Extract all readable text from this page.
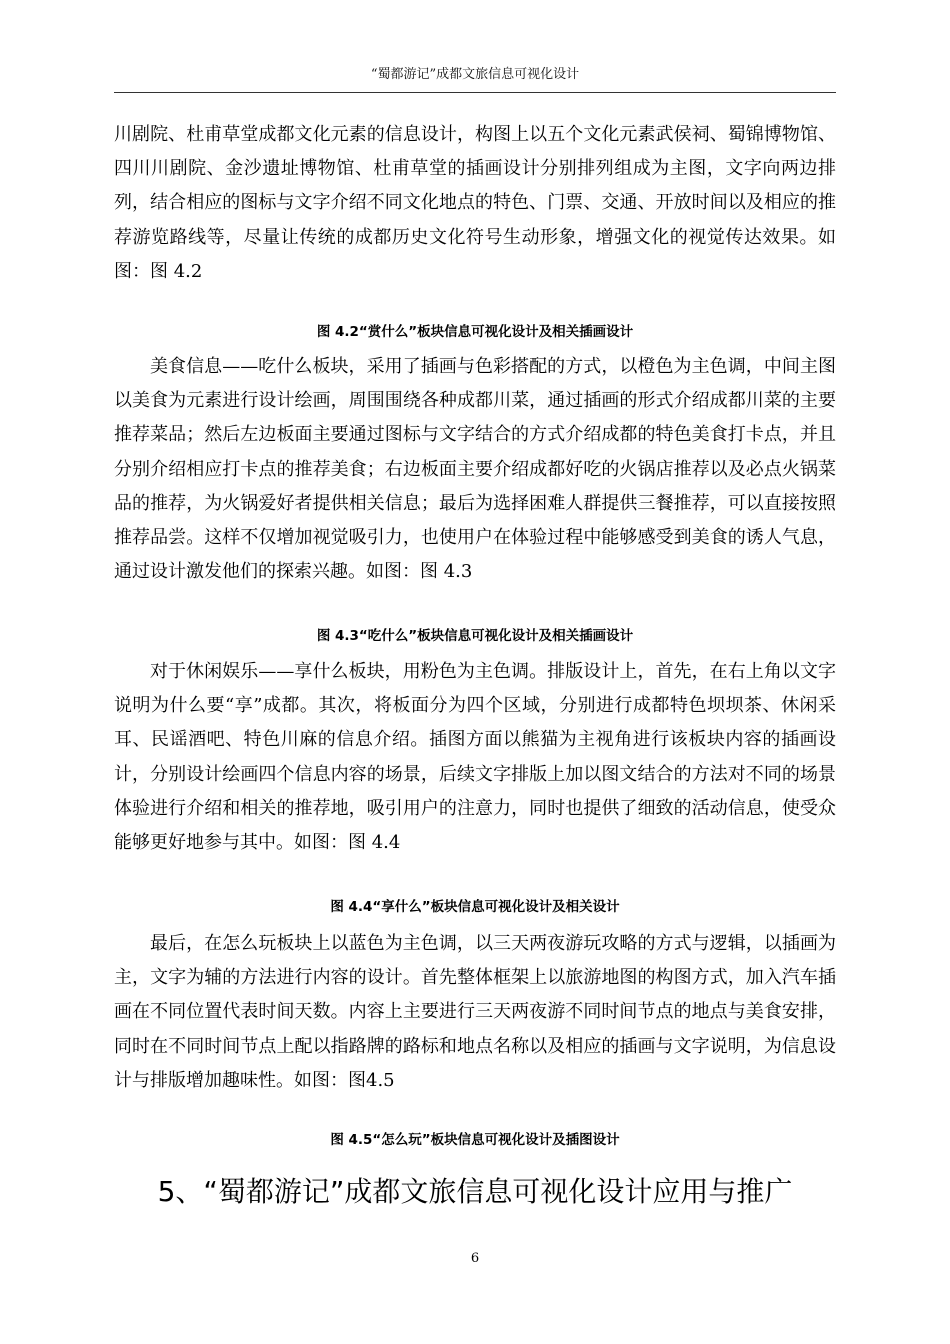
“蜀都游记”成都文旅信息可视化设计

川剧院、杜甫草堂成都文化元素的信息设计，构图上以五个文化元素武侯祠、蜀锦博物馆、四川川剧院、金沙遗址博物馆、杜甫草堂的插画设计分别排列组成为主图，文字向两边排列，结合相应的图标与文字介绍不同文化地点的特色、门票、交通、开放时间以及相应的推荐游览路线等，尽量让传统的成都历史文化符号生动形象，增强文化的视觉传达效果。如图：图 4.2

图 4.2“赏什么”板块信息可视化设计及相关插画设计

美食信息——吃什么板块，采用了插画与色彩搭配的方式，以橙色为主色调，中间主图以美食为元素进行设计绘画，周围围绕各种成都川菜，通过插画的形式介绍成都川菜的主要推荐菜品；然后左边板面主要通过图标与文字结合的方式介绍成都的特色美食打卡点，并且分别介绍相应打卡点的推荐美食；右边板面主要介绍成都好吃的火锅店推荐以及必点火锅菜品的推荐，为火锅爱好者提供相关信息；最后为选择困难人群提供三餐推荐，可以直接按照推荐品尝。这样不仅增加视觉吸引力，也使用户在体验过程中能够感受到美食的诱人气息，通过设计激发他们的探索兴趣。如图：图 4.3

图 4.3“吃什么”板块信息可视化设计及相关插画设计

对于休闲娱乐——享什么板块，用粉色为主色调。排版设计上，首先，在右上角以文字说明为什么要“享”成都。其次，将板面分为四个区域，分别进行成都特色坝坝茶、休闲采耳、民谣酒吧、特色川麻的信息介绍。插图方面以熊猫为主视角进行该板块内容的插画设计，分别设计绘画四个信息内容的场景，后续文字排版上加以图文结合的方法对不同的场景体验进行介绍和相关的推荐地，吸引用户的注意力，同时也提供了细致的活动信息，使受众能够更好地参与其中。如图：图 4.4

图 4.4“享什么”板块信息可视化设计及相关设计

最后，在怎么玩板块上以蓝色为主色调，以三天两夜游玩攻略的方式与逻辑，以插画为主，文字为辅的方法进行内容的设计。首先整体框架上以旅游地图的构图方式，加入汽车插画在不同位置代表时间天数。内容上主要进行三天两夜游不同时间节点的地点与美食安排，同时在不同时间节点上配以指路牌的路标和地点名称以及相应的插画与文字说明，为信息设计与排版增加趣味性。如图：图4.5

图 4.5“怎么玩”板块信息可视化设计及插图设计

5、“蜀都游记”成都文旅信息可视化设计应用与推广
6
